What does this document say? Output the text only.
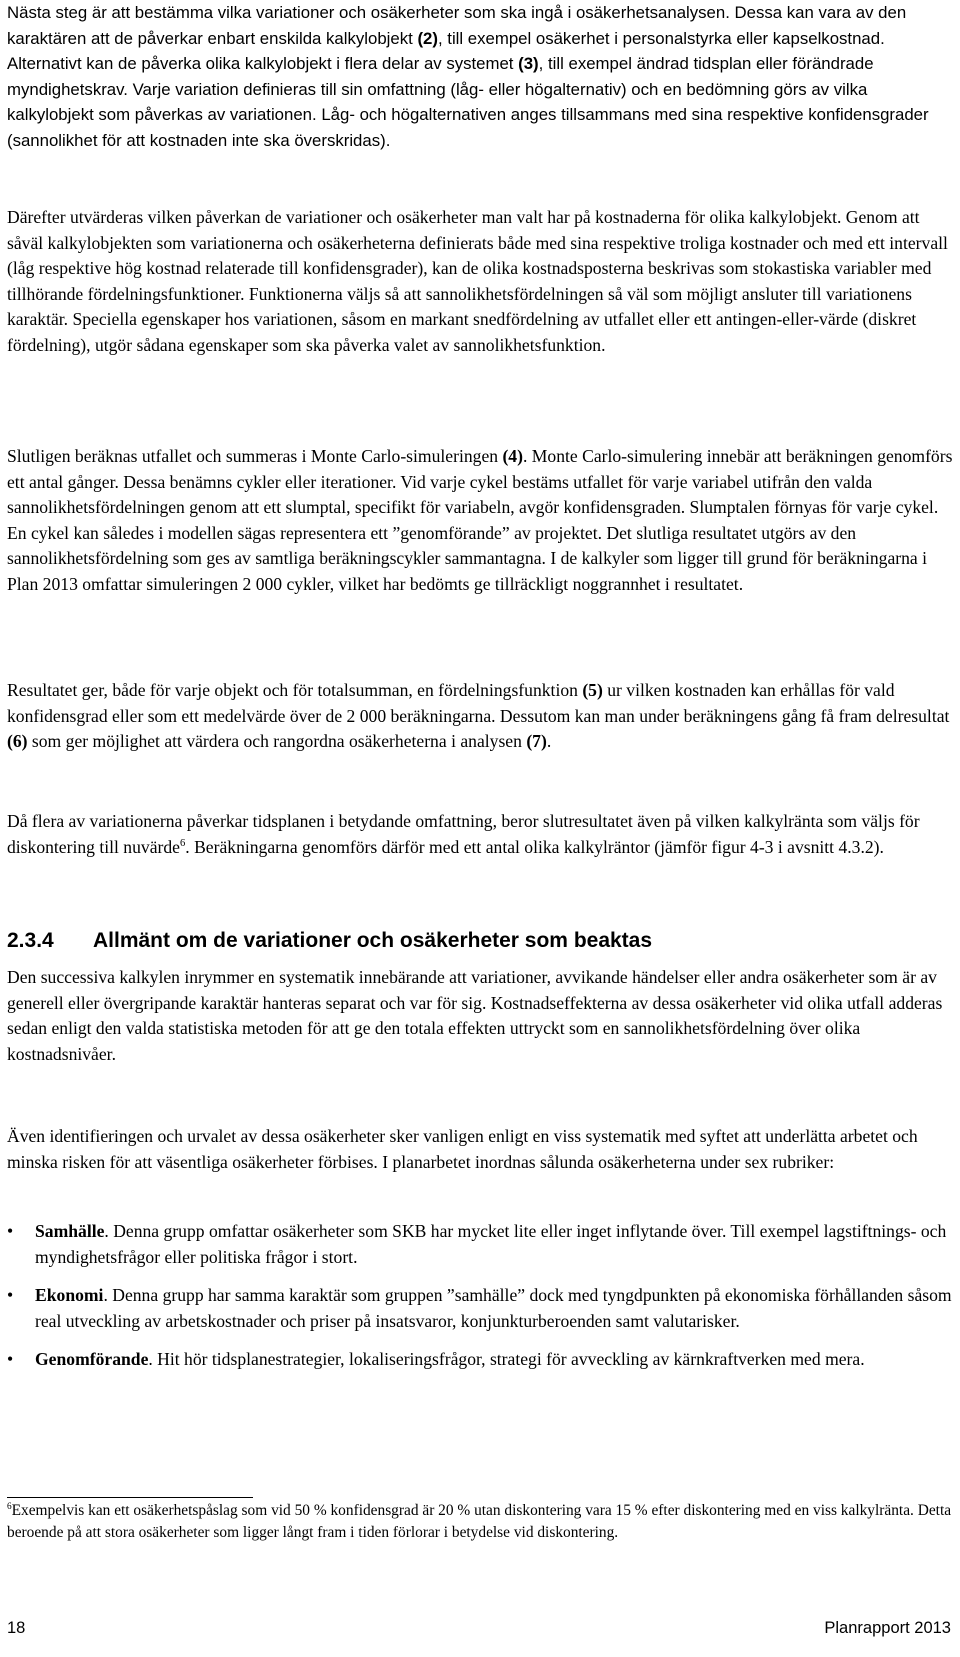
Nästa steg är att bestämma vilka variationer och osäkerheter som ska ingå i osäkerhetsanalysen. Dessa kan vara av den karaktären att de påverkar enbart enskilda kalkylobjekt (2), till exempel osäkerhet i personalstyrka eller kapselkostnad. Alternativt kan de påverka olika kalkylobjekt i flera delar av systemet (3), till exempel ändrad tidsplan eller förändrade myndighetskrav. Varje variation definieras till sin omfattning (låg- eller högalternativ) och en bedömning görs av vilka kalkylobjekt som påverkas av variationen. Låg- och högalternativen anges tillsammans med sina respektive konfidensgrader (sannolikhet för att kostnaden inte ska överskridas).

Därefter utvärderas vilken påverkan de variationer och osäkerheter man valt har på kostnaderna för olika kalkylobjekt. Genom att såväl kalkylobjekten som variationerna och osäkerheterna definierats både med sina respektive troliga kostnader och med ett intervall (låg respektive hög kostnad relaterade till konfidensgrader), kan de olika kostnadsposterna beskrivas som stokastiska variabler med tillhörande fördelningsfunktioner. Funktionerna väljs så att sannolikhetsfördelningen så väl som möjligt ansluter till variationens karaktär. Speciella egenskaper hos variationen, såsom en markant snedfördelning av utfallet eller ett antingen-eller-värde (diskret fördelning), utgör sådana egenskaper som ska påverka valet av sannolikhetsfunktion.

Slutligen beräknas utfallet och summeras i Monte Carlo-simuleringen (4). Monte Carlo-simulering innebär att beräkningen genomförs ett antal gånger. Dessa benämns cykler eller iterationer. Vid varje cykel bestäms utfallet för varje variabel utifrån den valda sannolikhetsfördelningen genom att ett slumptal, specifikt för variabeln, avgör konfidensgraden. Slumptalen förnyas för varje cykel. En cykel kan således i modellen sägas representera ett ”genomförande” av projektet. Det slutliga resultatet utgörs av den sannolikhetsfördelning som ges av samtliga beräkningscykler sammantagna. I de kalkyler som ligger till grund för beräkningarna i Plan 2013 omfattar simuleringen 2 000 cykler, vilket har bedömts ge tillräckligt noggrannhet i resultatet.

Resultatet ger, både för varje objekt och för totalsumman, en fördelningsfunktion (5) ur vilken kostnaden kan erhållas för vald konfidensgrad eller som ett medelvärde över de 2 000 beräkningarna. Dessutom kan man under beräkningens gång få fram delresultat (6) som ger möjlighet att värdera och rangordna osäkerheterna i analysen (7).

Då flera av variationerna påverkar tidsplanen i betydande omfattning, beror slutresultatet även på vilken kalkylränta som väljs för diskontering till nuvärde$^6$. Beräkningarna genomförs därför med ett antal olika kalkylräntor (jämför figur 4-3 i avsnitt 4.3.2).

2.3.4 Allmänt om de variationer och osäkerheter som beaktas

Den successiva kalkylen inrymmer en systematik innebärande att variationer, avvikande händelser eller andra osäkerheter som är av generell eller övergripande karaktär hanteras separat och var för sig. Kostnadseffekterna av dessa osäkerheter vid olika utfall adderas sedan enligt den valda statistiska metoden för att ge den totala effekten uttryckt som en sannolikhetsfördelning över olika kostnadsnivåer.

Även identifieringen och urvalet av dessa osäkerheter sker vanligen enligt en viss systematik med syftet att underlätta arbetet och minska risken för att väsentliga osäkerheter förbises. I planarbetet inordnas sålunda osäkerheterna under sex rubriker:

• Samhälle. Denna grupp omfattar osäkerheter som SKB har mycket lite eller inget inflytande över. Till exempel lagstiftnings- och myndighetsfrågor eller politiska frågor i stort.
• Ekonomi. Denna grupp har samma karaktär som gruppen ”samhälle” dock med tyngdpunkten på ekonomiska förhållanden såsom real utveckling av arbetskostnader och priser på insatsvaror, konjunkturberoenden samt valutarisker.
• Genomförande. Hit hör tidsplanestrategier, lokaliseringsfrågor, strategi för avveckling av kärnkraftverken med mera.

$^6$Exempelvis kan ett osäkerhetspåslag som vid 50 % konfidensgrad är 20 % utan diskontering vara 15 % efter diskontering med en viss kalkylränta. Detta beroende på att stora osäkerheter som ligger långt fram i tiden förlorar i betydelse vid diskontering.

18	Planrapport 2013
